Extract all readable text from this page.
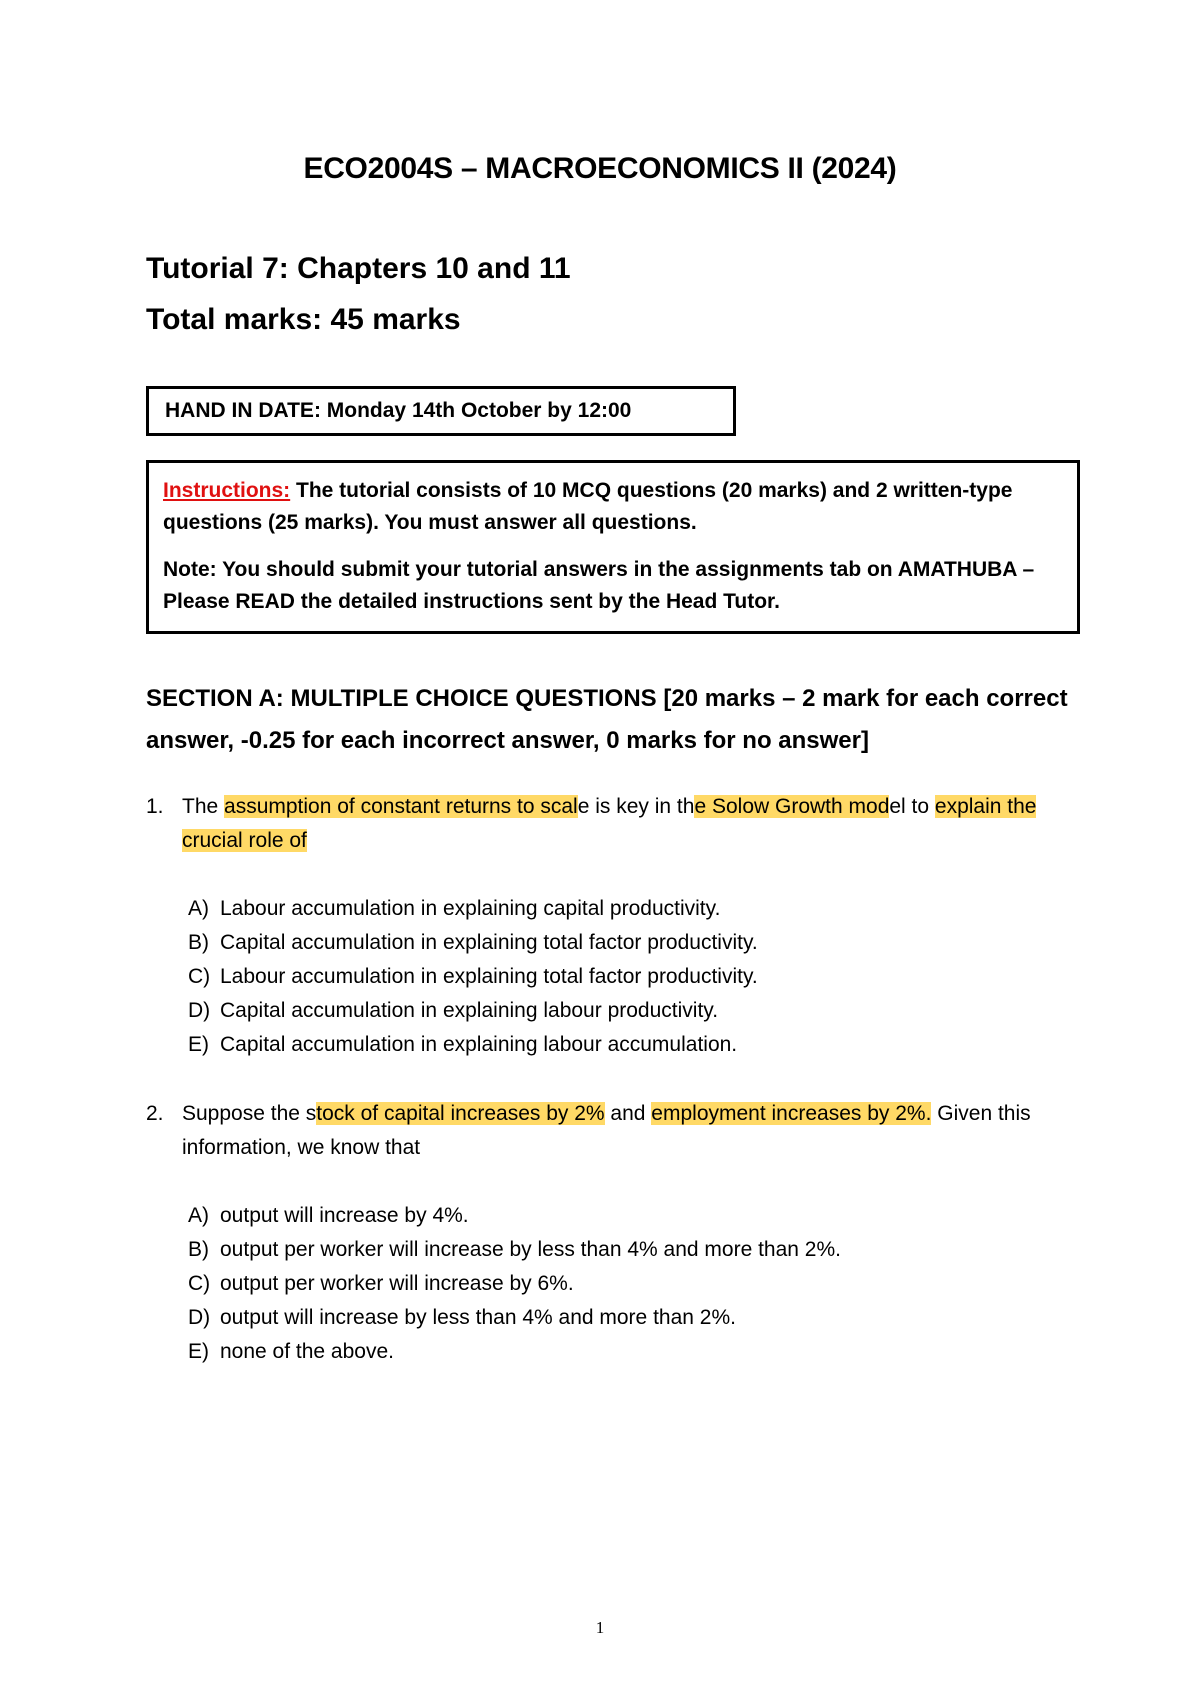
ECO2004S – MACROECONOMICS II (2024)
Tutorial 7: Chapters 10 and 11
Total marks: 45 marks
HAND IN DATE: Monday 14th October by 12:00

Instructions: The tutorial consists of 10 MCQ questions (20 marks) and 2 written-type questions (25 marks). You must answer all questions.

Note: You should submit your tutorial answers in the assignments tab on AMATHUBA – Please READ the detailed instructions sent by the Head Tutor.

SECTION A: MULTIPLE CHOICE QUESTIONS [20 marks – 2 mark for each correct answer, -0.25 for each incorrect answer, 0 marks for no answer]
1. The assumption of constant returns to scale is key in the Solow Growth model to explain the crucial role of
A) Labour accumulation in explaining capital productivity.
B) Capital accumulation in explaining total factor productivity.
C) Labour accumulation in explaining total factor productivity.
D) Capital accumulation in explaining labour productivity.
E) Capital accumulation in explaining labour accumulation.
2. Suppose the stock of capital increases by 2% and employment increases by 2%. Given this information, we know that
A) output will increase by 4%.
B) output per worker will increase by less than 4% and more than 2%.
C) output per worker will increase by 6%.
D) output will increase by less than 4% and more than 2%.
E) none of the above.
1
